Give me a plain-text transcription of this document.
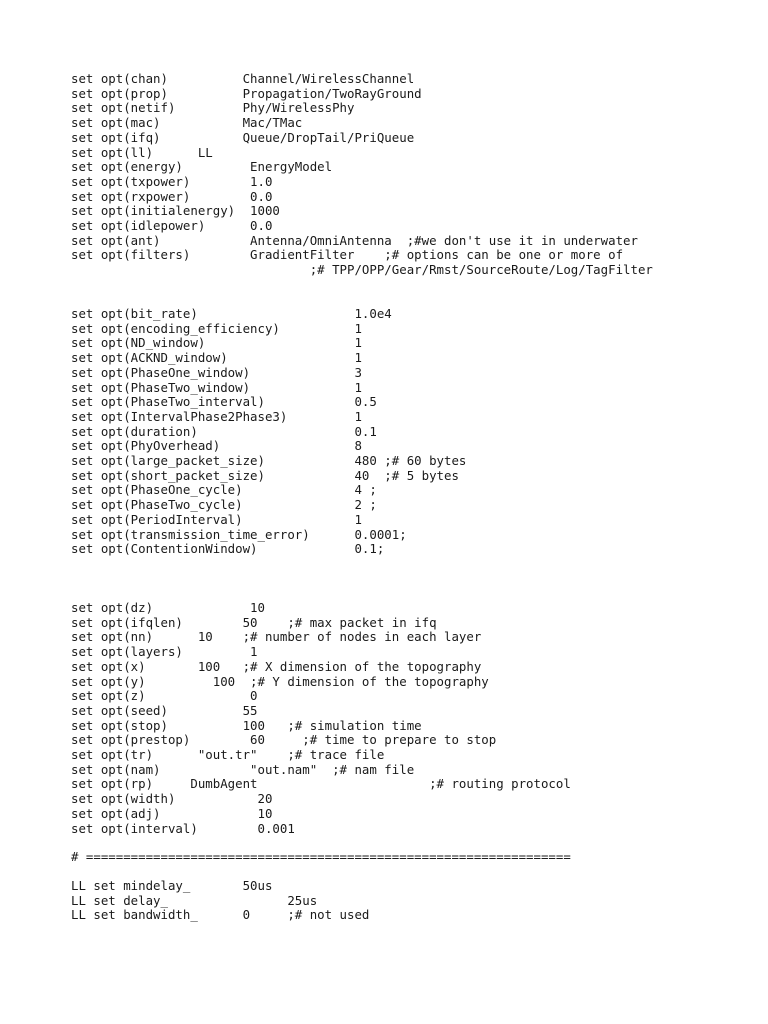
set opt(chan)          Channel/WirelessChannel
set opt(prop)          Propagation/TwoRayGround
set opt(netif)         Phy/WirelessPhy
set opt(mac)           Mac/TMac
set opt(ifq)           Queue/DropTail/PriQueue
set opt(ll)      LL
set opt(energy)         EnergyModel
set opt(txpower)        1.0
set opt(rxpower)        0.0
set opt(initialenergy)  1000
set opt(idlepower)      0.0
set opt(ant)            Antenna/OmniAntenna  ;#we don't use it in underwater
set opt(filters)        GradientFilter    ;# options can be one or more of
;# TPP/OPP/Gear/Rmst/SourceRoute/Log/TagFilter
set opt(bit_rate)                     1.0e4
set opt(encoding_efficiency)          1
set opt(ND_window)                    1
set opt(ACKND_window)                 1
set opt(PhaseOne_window)              3
set opt(PhaseTwo_window)              1
set opt(PhaseTwo_interval)            0.5
set opt(IntervalPhase2Phase3)         1
set opt(duration)                     0.1
set opt(PhyOverhead)                  8
set opt(large_packet_size)            480 ;# 60 bytes
set opt(short_packet_size)            40  ;# 5 bytes
set opt(PhaseOne_cycle)               4 ;
set opt(PhaseTwo_cycle)               2 ;
set opt(PeriodInterval)               1
set opt(transmission_time_error)      0.0001;
set opt(ContentionWindow)             0.1;
set opt(dz)             10
set opt(ifqlen)        50    ;# max packet in ifq
set opt(nn)      10    ;# number of nodes in each layer
set opt(layers)         1
set opt(x)       100   ;# X dimension of the topography
set opt(y)         100  ;# Y dimension of the topography
set opt(z)              0
set opt(seed)          55
set opt(stop)          100   ;# simulation time
set opt(prestop)        60     ;# time to prepare to stop
set opt(tr)      "out.tr"    ;# trace file
set opt(nam)            "out.nam"  ;# nam file
set opt(rp)     DumbAgent                       ;# routing protocol
set opt(width)           20
set opt(adj)             10
set opt(interval)        0.001
# =================================================================
LL set mindelay_       50us
LL set delay_                25us
LL set bandwidth_      0     ;# not used
